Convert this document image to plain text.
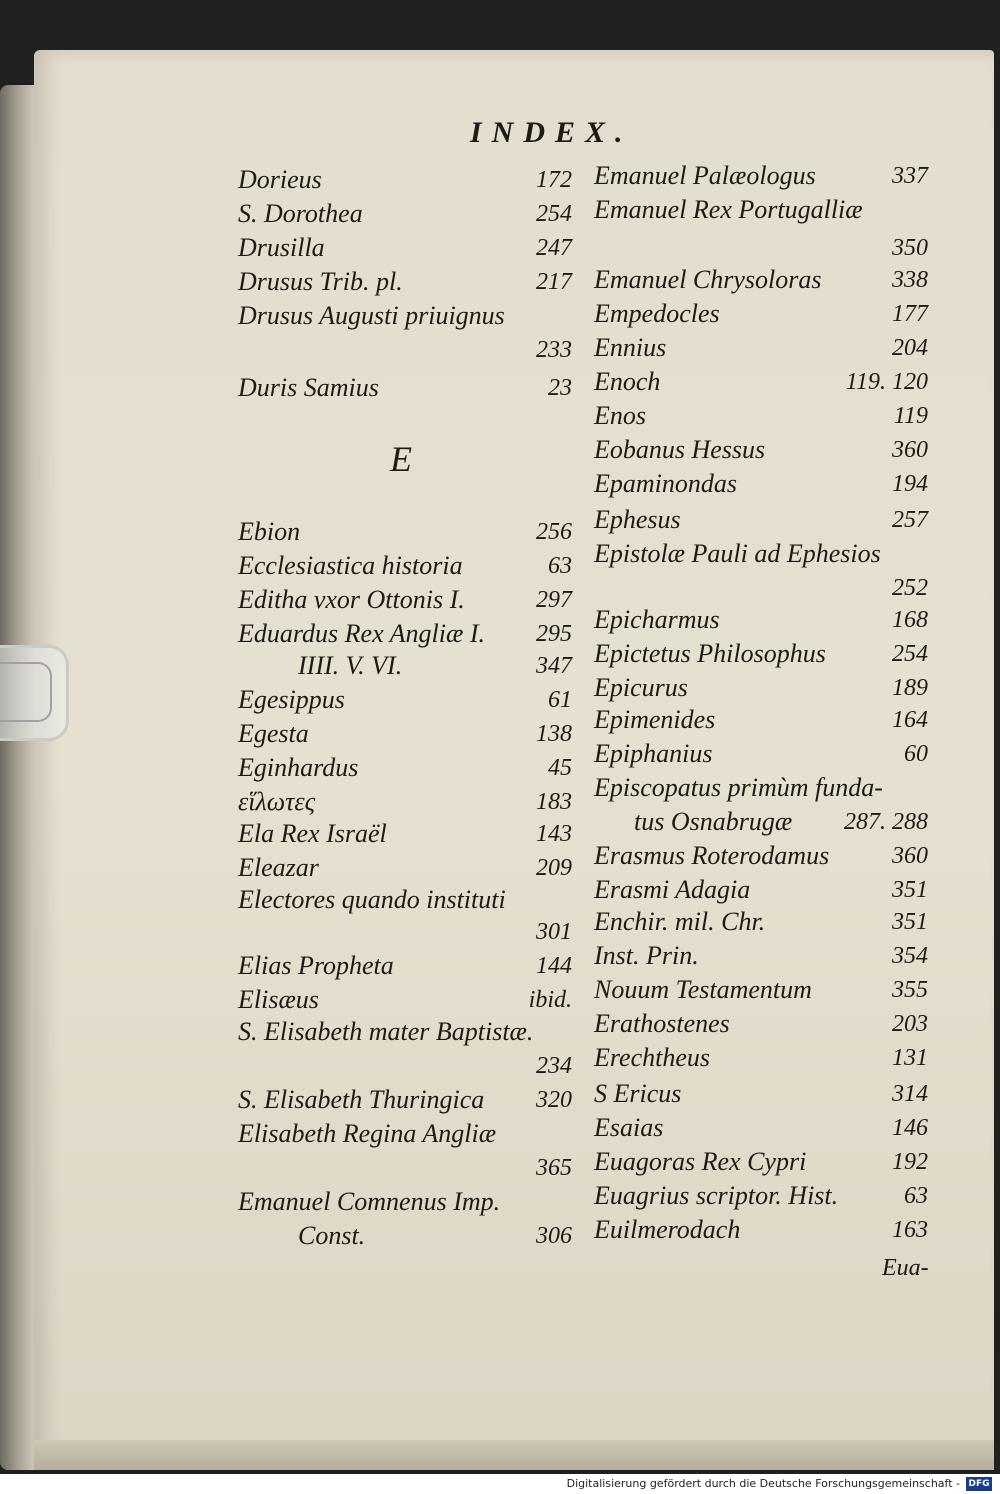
INDEX.
E
Dorieus	172
S. Dorothea	254
Drusilla	247
Drusus Trib. pl.	217
Drusus Augusti priuignus
233
Duris Samius	23
Ebion	256
Ecclesiastica historia	63
Editha vxor Ottonis I.	297
Eduardus Rex Angliæ I.	295
IIII. V. VI.	347
Egesippus	61
Egesta	138
Eginhardus	45
εἵλωτες	183
Ela Rex Israël	143
Eleazar	209
Electores quando instituti
301
Elias Propheta	144
Elisæus	ibid.
S. Elisabeth mater Baptistæ.
234
S. Elisabeth Thuringica	320
Elisabeth Regina Angliæ
365
Emanuel Comnenus Imp.
Const.	306
Emanuel Palæologus	337
Emanuel Rex Portugalliæ
350
Emanuel Chrysoloras	338
Empedocles	177
Ennius	204
Enoch	119. 120
Enos	119
Eobanus Hessus	360
Epaminondas	194
Ephesus	257
Epistolæ Pauli ad Ephesios
252
Epicharmus	168
Epictetus Philosophus	254
Epicurus	189
Epimenides	164
Epiphanius	60
Episcopatus primùm funda-
tus Osnabrugæ	287. 288
Erasmus Roterodamus	360
Erasmi Adagia	351
Enchir. mil. Chr.	351
Inst. Prin.	354
Nouum Testamentum	355
Erathostenes	203
Erechtheus	131
S Ericus	314
Esaias	146
Euagoras Rex Cypri	192
Euagrius scriptor. Hist.	63
Euilmerodach	163
Eua-
Digitalisierung gefördert durch die Deutsche Forschungsgemeinschaft - DFG
